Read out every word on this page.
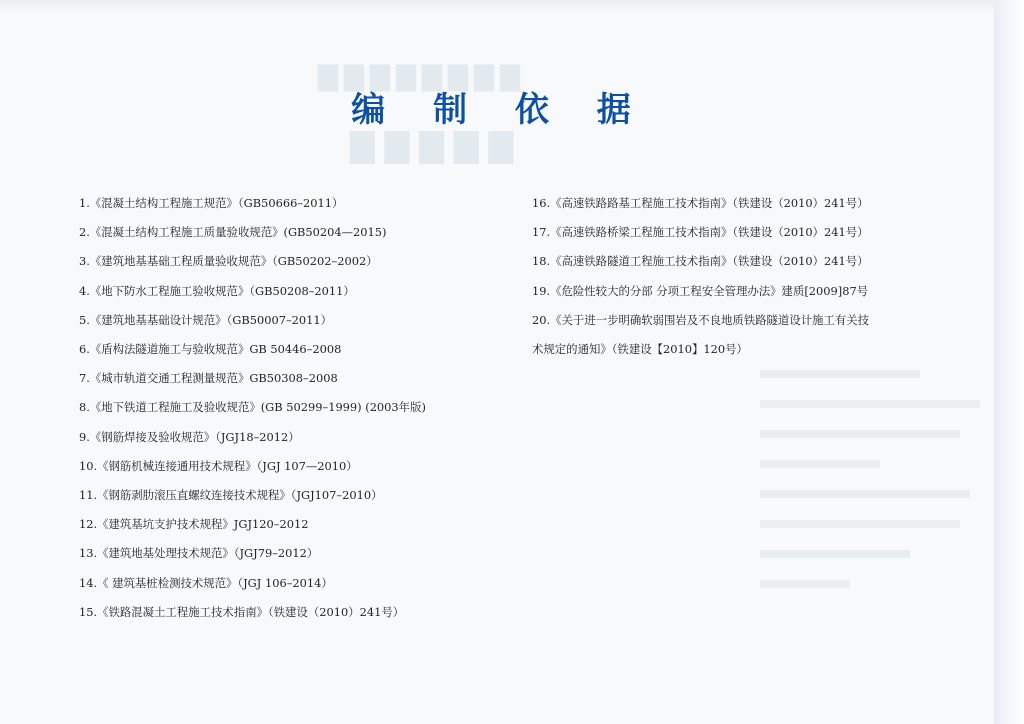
▇▇▇▇▇▇▇▇
▇▇▇▇▇
编 制 依 据
1.《混凝土结构工程施工规范》（GB50666–2011）
2.《混凝土结构工程施工质量验收规范》(GB50204—2015)
3.《建筑地基基础工程质量验收规范》（GB50202–2002）
4.《地下防水工程施工验收规范》（GB50208–2011）
5.《建筑地基基础设计规范》（GB50007–2011）
6.《盾构法隧道施工与验收规范》GB 50446–2008
7.《城市轨道交通工程测量规范》GB50308–2008
8.《地下铁道工程施工及验收规范》(GB 50299–1999) (2003年版)
9.《钢筋焊接及验收规范》（JGJ18–2012）
10.《钢筋机械连接通用技术规程》（JGJ 107—2010）
11.《钢筋剥肋滚压直螺纹连接技术规程》（JGJ107–2010）
12.《建筑基坑支护技术规程》JGJ120–2012
13.《建筑地基处理技术规范》（JGJ79–2012）
14.《 建筑基桩检测技术规范》（JGJ 106–2014）
15.《铁路混凝土工程施工技术指南》（铁建设（2010）241号）
16.《高速铁路路基工程施工技术指南》（铁建设（2010）241号）
17.《高速铁路桥梁工程施工技术指南》（铁建设（2010）241号）
18.《高速铁路隧道工程施工技术指南》（铁建设（2010）241号）
19.《危险性较大的分部 分项工程安全管理办法》建质[2009]87号
20.《关于进一步明确软弱围岩及不良地质铁路隧道设计施工有关技
术规定的通知》（铁建设【2010】120号）
